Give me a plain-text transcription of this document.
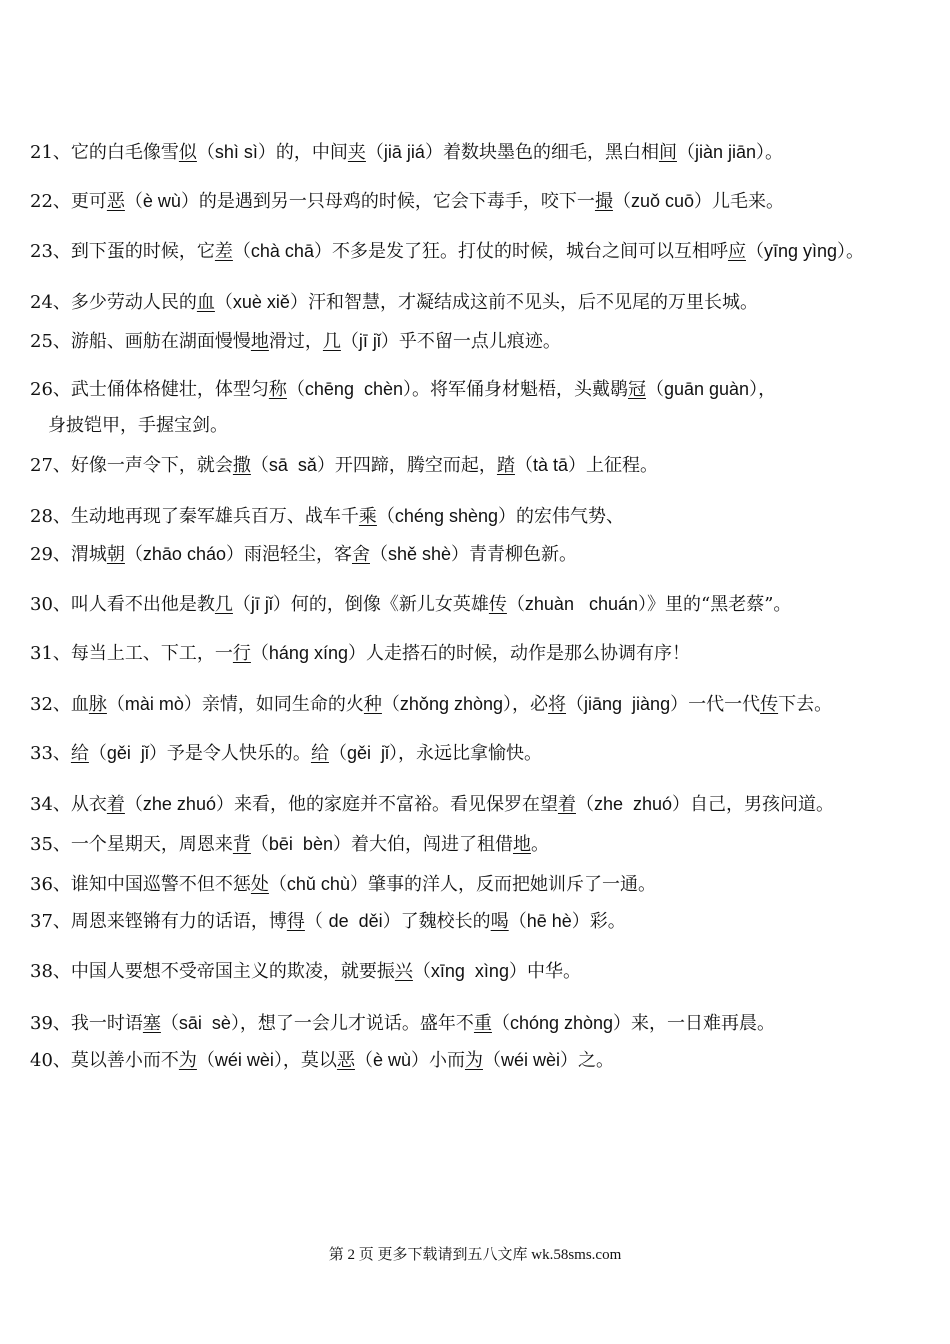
21、它的白毛像雪似（shì sì）的，中间夹（jiā jiá）着数块墨色的细毛，黑白相间（jiàn jiān）。
22、更可恶（è wù）的是遇到另一只母鸡的时候，它会下毒手，咬下一撮（zuǒ cuō）儿毛来。
23、到下蛋的时候，它差（chà chā）不多是发了狂。打仗的时候，城台之间可以互相呼应（yīng yìng）。
24、多少劳动人民的血（xuè xiě）汗和智慧，才凝结成这前不见头，后不见尾的万里长城。
25、游船、画舫在湖面慢慢地滑过，几（jī jǐ）乎不留一点儿痕迹。
26、武士俑体格健壮，体型匀称（chēng  chèn）。将军俑身材魁梧，头戴鹖冠（guān guàn），
身披铠甲，手握宝剑。
27、好像一声令下，就会撒（sā  sǎ）开四蹄，腾空而起，踏（tà tā）上征程。
28、生动地再现了秦军雄兵百万、战车千乘（chéng shèng）的宏伟气势、
29、渭城朝（zhāo cháo）雨浥轻尘，客舍（shě shè）青青柳色新。
30、叫人看不出他是教几（jī jǐ）何的，倒像《新儿女英雄传（zhuàn   chuán）》里的“黑老蔡”。
31、每当上工、下工，一行（háng xíng）人走搭石的时候，动作是那么协调有序！
32、血脉（mài mò）亲情，如同生命的火种（zhǒng zhòng），必将（jiāng  jiàng）一代一代传下去。
33、给（gěi  jǐ）予是令人快乐的。给（gěi  jǐ），永远比拿愉快。
34、从衣着（zhe zhuó）来看，他的家庭并不富裕。看见保罗在望着（zhe  zhuó）自己，男孩问道。
35、一个星期天，周恩来背（bēi  bèn）着大伯，闯进了租借地。
36、谁知中国巡警不但不惩处（chǔ chù）肇事的洋人，反而把她训斥了一通。
37、周恩来铿锵有力的话语，博得（ de  děi）了魏校长的喝（hē hè）彩。
38、中国人要想不受帝国主义的欺凌，就要振兴（xīng  xìng）中华。
39、我一时语塞（sāi  sè），想了一会儿才说话。盛年不重（chóng zhòng）来，一日难再晨。
40、莫以善小而不为（wéi wèi），莫以恶（è wù）小而为（wéi wèi）之。
第 2 页 更多下载请到五八文库 wk.58sms.com
